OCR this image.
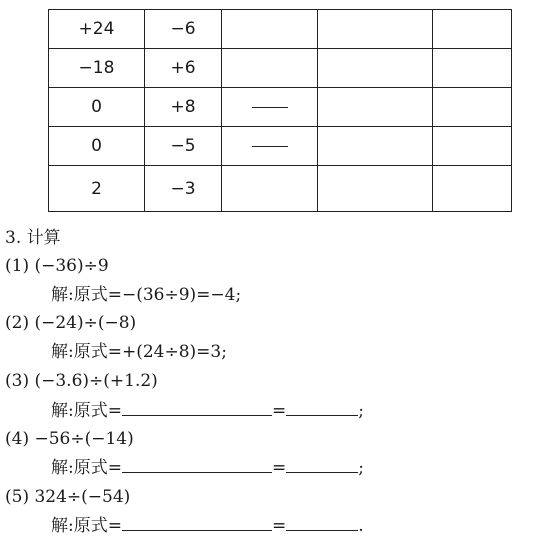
+24	−6			
−18	+6			
0	+8			
0	−5			
2	−3			
3. 计算
(1) (−36)÷9
解:原式=−(36÷9)=−4;
(2) (−24)÷(−8)
解:原式=+(24÷8)=3;
(3) (−3.6)÷(+1.2)
解:原式=	=	;
(4) −56÷(−14)
解:原式=	=	;
(5) 324÷(−54)
解:原式=	=	.
